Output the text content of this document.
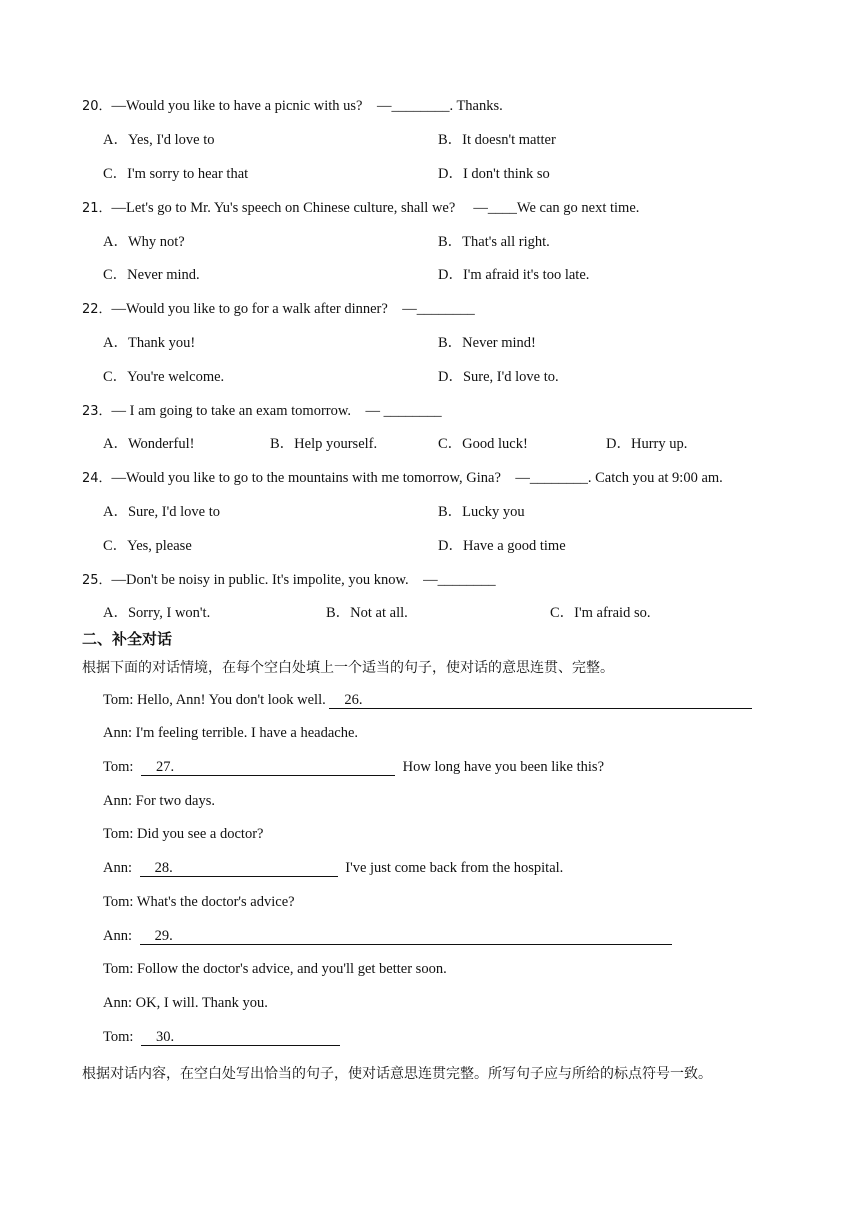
20．—Would you like to have a picnic with us?　—________. Thanks.
A．Yes, I'd love to	B．It doesn't matter
C．I'm sorry to hear that	D．I don't think so
21．—Let's go to Mr. Yu's speech on Chinese culture, shall we?　 —____We can go next time.
A．Why not?	B．That's all right.
C．Never mind.	D．I'm afraid it's too late.
22．—Would you like to go for a walk after dinner?　—________
A．Thank you!	B．Never mind!
C．You're welcome.	D．Sure, I'd love to.
23．— I am going to take an exam tomorrow.　— ________
A．Wonderful!	B．Help yourself.	C．Good luck!	D．Hurry up.
24．—Would you like to go to the mountains with me tomorrow, Gina?　—________. Catch you at 9:00 am.
A．Sure, I'd love to	B．Lucky you
C．Yes, please	D．Have a good time
25．—Don't be noisy in public. It's impolite, you know.　—________
A．Sorry, I won't.	B．Not at all.	C．I'm afraid so.
二、补全对话
根据下面的对话情境，在每个空白处填上一个适当的句子，使对话的意思连贯、完整。
Tom: Hello, Ann! You don't look well. 26.
Ann: I'm feeling terrible. I have a headache.
Tom: 27.	How long have you been like this?
Ann: For two days.
Tom: Did you see a doctor?
Ann: 28.	I've just come back from the hospital.
Tom: What's the doctor's advice?
Ann: 29.
Tom: Follow the doctor's advice, and you'll get better soon.
Ann: OK, I will. Thank you.
Tom: 30.
根据对话内容，在空白处写出恰当的句子，使对话意思连贯完整。所写句子应与所给的标点符号一致。
